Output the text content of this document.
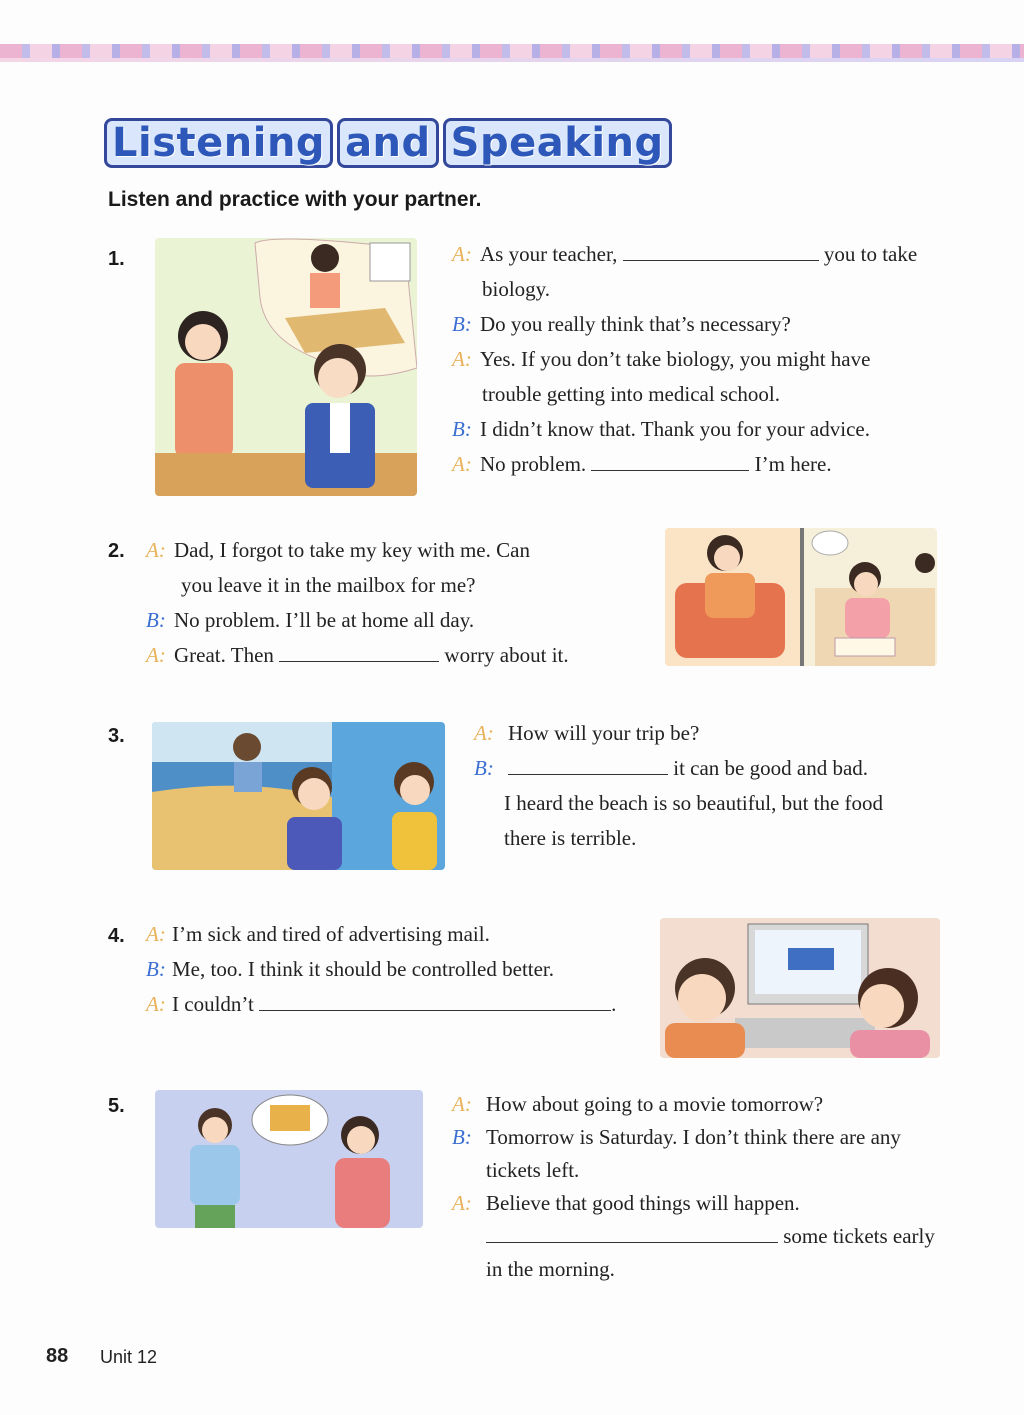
Listening and Speaking
Listen and practice with your partner.
1.	A: As your teacher,	you to take
biology.
B: Do you really think that’s necessary?
A: Yes. If you don’t take biology, you might have
trouble getting into medical school.
B: I didn’t know that. Thank you for your advice.
A: No problem.	I’m here.
2. A: Dad, I forgot to take my key with me. Can
you leave it in the mailbox for me?
B: No problem. I’ll be at home all day.
A: Great. Then	worry about it.
3.	A: How will your trip be?
B:	it can be good and bad.
I heard the beach is so beautiful, but the food
there is terrible.
4. A: I’m sick and tired of advertising mail.
B: Me, too. I think it should be controlled better.
A: I couldn’t	.
5.	A: How about going to a movie tomorrow?
B: Tomorrow is Saturday. I don’t think there are any
tickets left.
A: Believe that good things will happen.
some tickets early
in the morning.
88 Unit 12
